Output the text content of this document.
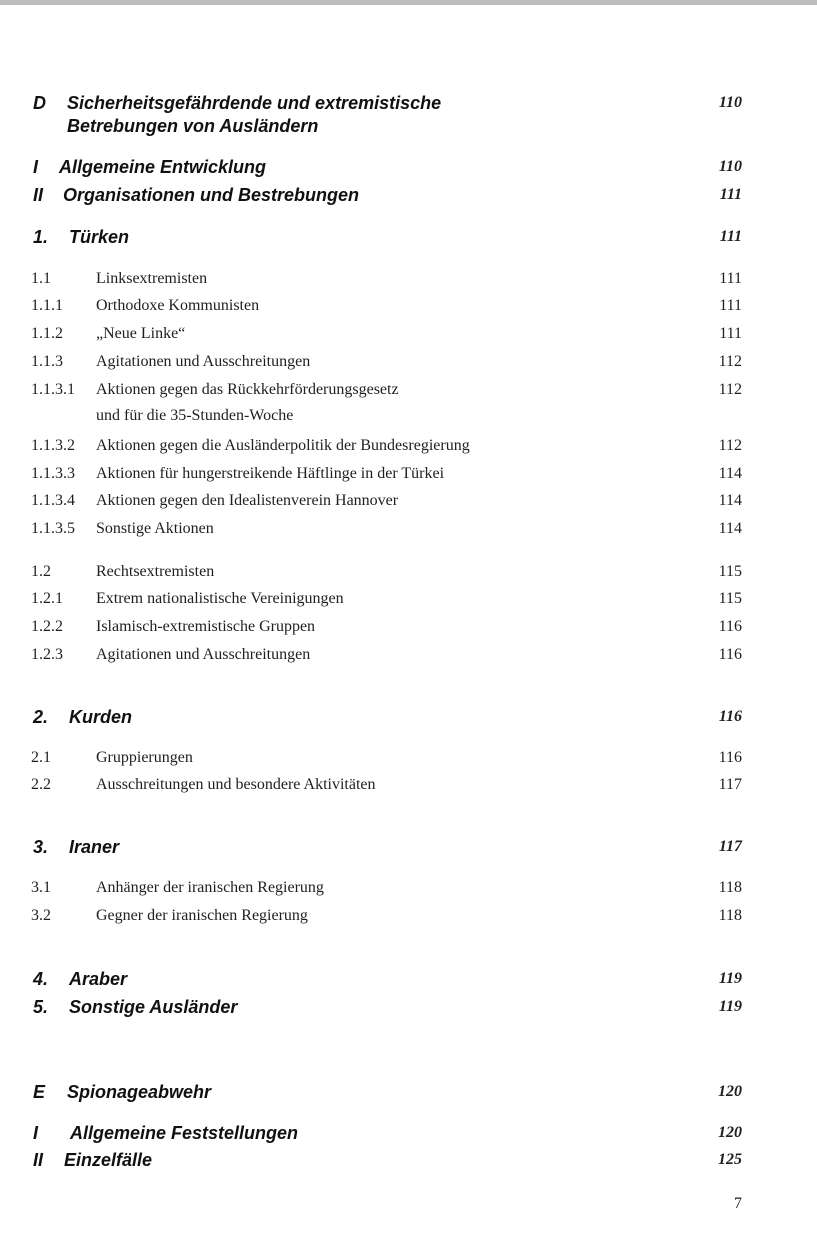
D Sicherheitsgefährdende und extremistische	110
Betrebungen von Ausländern
I Allgemeine Entwicklung	110
II Organisationen und Bestrebungen	111
1. Türken	111
1.1	Linksextremisten	111
1.1.1 Orthodoxe Kommunisten	111
1.1.2 „Neue Linke“	111
1.1.3 Agitationen und Ausschreitungen	112
1.1.3.1 Aktionen gegen das Rückkehrförderungsgesetz	112
und für die 35-Stunden-Woche
1.1.3.2 Aktionen gegen die Ausländerpolitik der Bundesregierung	112
1.1.3.3 Aktionen für hungerstreikende Häftlinge in der Türkei	114
1.1.3.4 Aktionen gegen den Idealistenverein Hannover	114
1.1.3.5 Sonstige Aktionen	114
1.2	Rechtsextremisten	115
1.2.1 Extrem nationalistische Vereinigungen	115
1.2.2 Islamisch-extremistische Gruppen	116
1.2.3 Agitationen und Ausschreitungen	116
2. Kurden	116
2.1	Gruppierungen	116
2.2	Ausschreitungen und besondere Aktivitäten	117
3. Iraner	117
3.1	Anhänger der iranischen Regierung	118
3.2	Gegner der iranischen Regierung	118
4. Araber	119
5. Sonstige Ausländer	119
E Spionageabwehr	120
I Allgemeine Feststellungen	120
II Einzelfälle	125
7
